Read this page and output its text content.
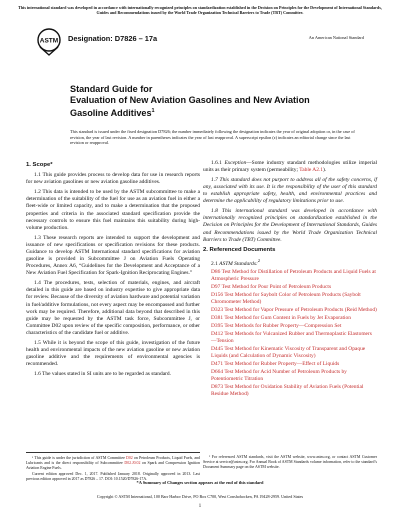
This international standard was developed in accordance with internationally recognized principles on standardization established in the Decision on Principles for the Development of International Standards, Guides and Recommendations issued by the World Trade Organization Technical Barriers to Trade (TBT) Committee.
ASTM Designation: D7826 – 17a	An American National Standard
Standard Guide for
Evaluation of New Aviation Gasolines and New Aviation
Gasoline Additives$^1$
This standard is issued under the fixed designation D7826; the number immediately following the designation indicates the year of original adoption or, in the case of revision, the year of last revision. A number in parentheses indicates the year of last reapproval. A superscript epsilon (ε) indicates an editorial change since the last revision or reapproval.
1. Scope*

1.1 This guide provides process to develop data for use in research reports for new aviation gasolines or new aviation gasoline additives.

1.2 This data is intended to be used by the ASTM subcommittee to make a determination of the suitability of the fuel for use as an aviation fuel in either a fleet-wide or limited capacity, and to make a determination that the proposed properties and criteria in the associated standard specification provide the necessary controls to ensure this fuel maintains this suitability during high-volume production.

1.3 These research reports are intended to support the development and issuance of new specifications or specification revisions for these products. Guidance to develop ASTM International standard specifications for aviation gasoline is provided in Subcommittee J on Aviation Fuels Operating Procedures, Annex A6, “Guidelines for the Development and Acceptance of a New Aviation Fuel Specification for Spark-Ignition Reciprocating Engines.”

1.4 The procedures, tests, selection of materials, engines, and aircraft detailed in this guide are based on industry expertise to give appropriate data for review. Because of the diversity of aviation hardware and potential variation in fuel/additive formulations, not every aspect may be encompassed and further work may be required. Therefore, additional data beyond that described in this guide may be requested by the ASTM task force, Subcommittee J, or Committee D02 upon review of the specific composition, performance, or other characteristics of the candidate fuel or additive.

1.5 While it is beyond the scope of this guide, investigation of the future health and environmental impacts of the new aviation gasoline or new aviation gasoline additive and the requirements of environmental agencies is recommended.

1.6 The values stated in SI units are to be regarded as standard.

1.6.1 Exception—Some industry standard methodologies utilize imperial units as their primary system (permeability; Table A2.1).

1.7 This standard does not purport to address all of the safety concerns, if any, associated with its use. It is the responsibility of the user of this standard to establish appropriate safety, health, and environmental practices and determine the applicability of regulatory limitations prior to use.

1.8 This international standard was developed in accordance with internationally recognized principles on standardization established in the Decision on Principles for the Development of International Standards, Guides and Recommendations issued by the World Trade Organization Technical Barriers to Trade (TBT) Committee.

2. Referenced Documents
2.1 ASTM Standards:$^2$
D86 Test Method for Distillation of Petroleum Products and Liquid Fuels at Atmospheric Pressure
D97 Test Method for Pour Point of Petroleum Products
D156 Test Method for Saybolt Color of Petroleum Products (Saybolt Chromometer Method)
D323 Test Method for Vapor Pressure of Petroleum Products (Reid Method)
D381 Test Method for Gum Content in Fuels by Jet Evaporation
D395 Test Methods for Rubber Property—Compression Set
D412 Test Methods for Vulcanized Rubber and Thermoplastic Elastomers—Tension
D445 Test Method for Kinematic Viscosity of Transparent and Opaque Liquids (and Calculation of Dynamic Viscosity)
D471 Test Method for Rubber Property—Effect of Liquids
D664 Test Method for Acid Number of Petroleum Products by Potentiometric Titration
D873 Test Method for Oxidation Stability of Aviation Fuels (Potential Residue Method)

¹ This guide is under the jurisdiction of ASTM Committee D02 on Petroleum Products, Liquid Fuels, and Lubricants and is the direct responsibility of Subcommittee D02.J0.02 on Spark and Compression Ignition Aviation Engine Fuels.

Current edition approved Dec. 1, 2017. Published January 2018. Originally approved in 2013. Last previous edition approved in 2017 as D7826 – 17. DOI: 10.1520/D7826-17A.

² For referenced ASTM standards, visit the ASTM website, www.astm.org, or contact ASTM Customer Service at service@astm.org. For Annual Book of ASTM Standards volume information, refer to the standard’s Document Summary page on the ASTM website.

*A Summary of Changes section appears at the end of this standard
Copyright © ASTM International, 100 Barr Harbor Drive, PO Box C700, West Conshohocken, PA 19428-2959. United States
1
